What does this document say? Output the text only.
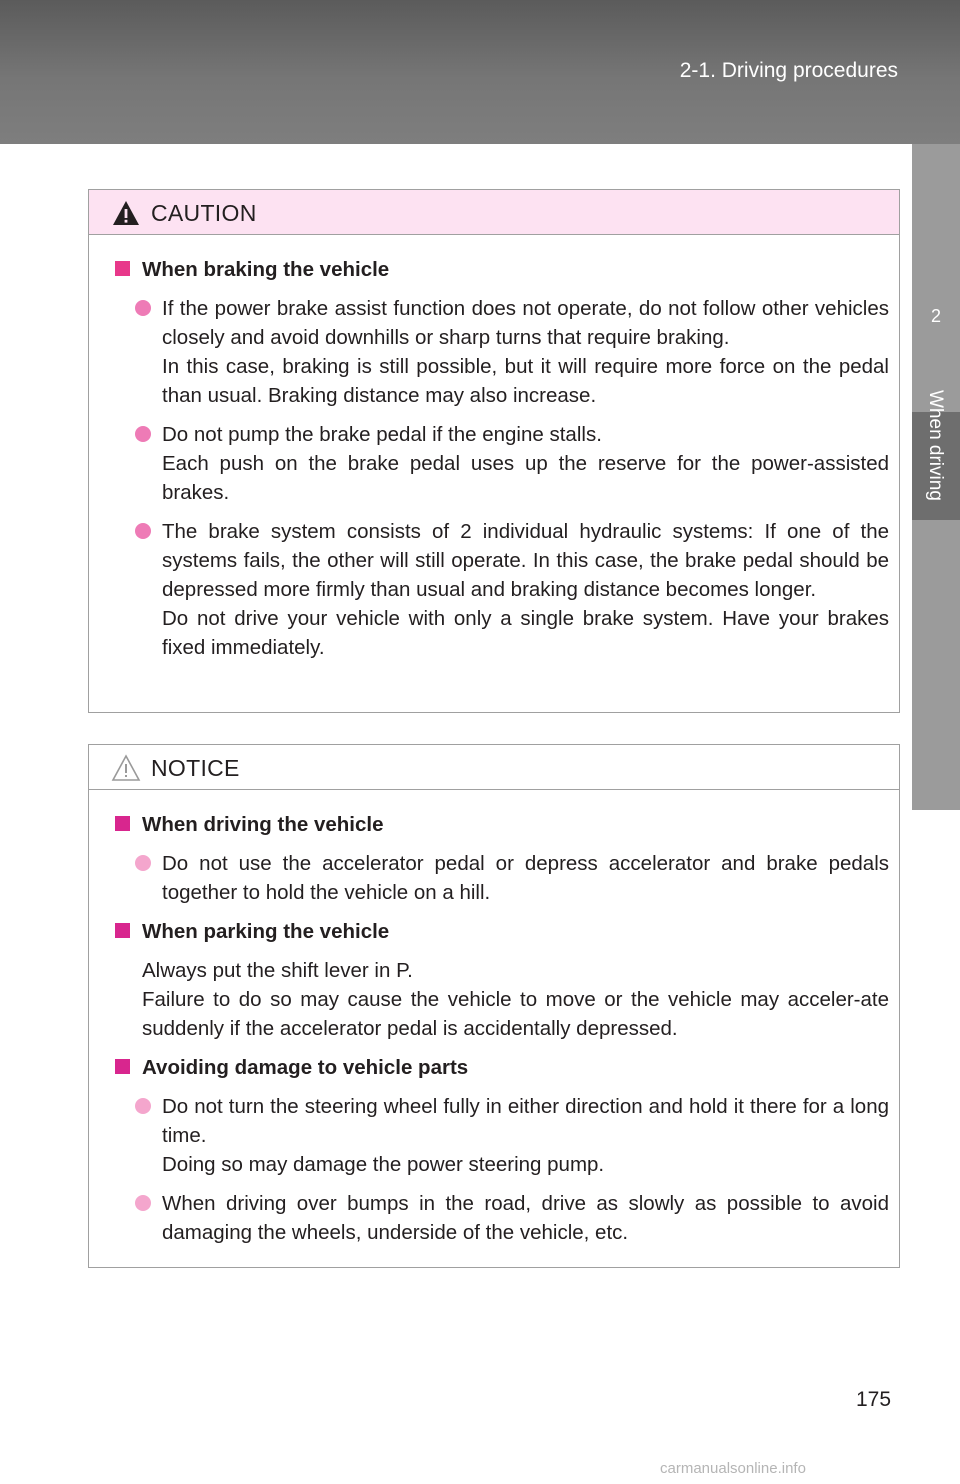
2-1. Driving procedures
2
When driving
CAUTION
When braking the vehicle
If the power brake assist function does not operate, do not follow other vehicles closely and avoid downhills or sharp turns that require braking.
In this case, braking is still possible, but it will require more force on the pedal than usual. Braking distance may also increase.
Do not pump the brake pedal if the engine stalls.
Each push on the brake pedal uses up the reserve for the power-assisted brakes.
The brake system consists of 2 individual hydraulic systems: If one of the systems fails, the other will still operate. In this case, the brake pedal should be depressed more firmly than usual and braking distance becomes longer.
Do not drive your vehicle with only a single brake system. Have your brakes fixed immediately.
NOTICE
When driving the vehicle
Do not use the accelerator pedal or depress accelerator and brake pedals together to hold the vehicle on a hill.
When parking the vehicle
Always put the shift lever in P.
Failure to do so may cause the vehicle to move or the vehicle may acceler-ate suddenly if the accelerator pedal is accidentally depressed.
Avoiding damage to vehicle parts
Do not turn the steering wheel fully in either direction and hold it there for a long time.
Doing so may damage the power steering pump.
When driving over bumps in the road, drive as slowly as possible to avoid damaging the wheels, underside of the vehicle, etc.
175
carmanualsonline.info
